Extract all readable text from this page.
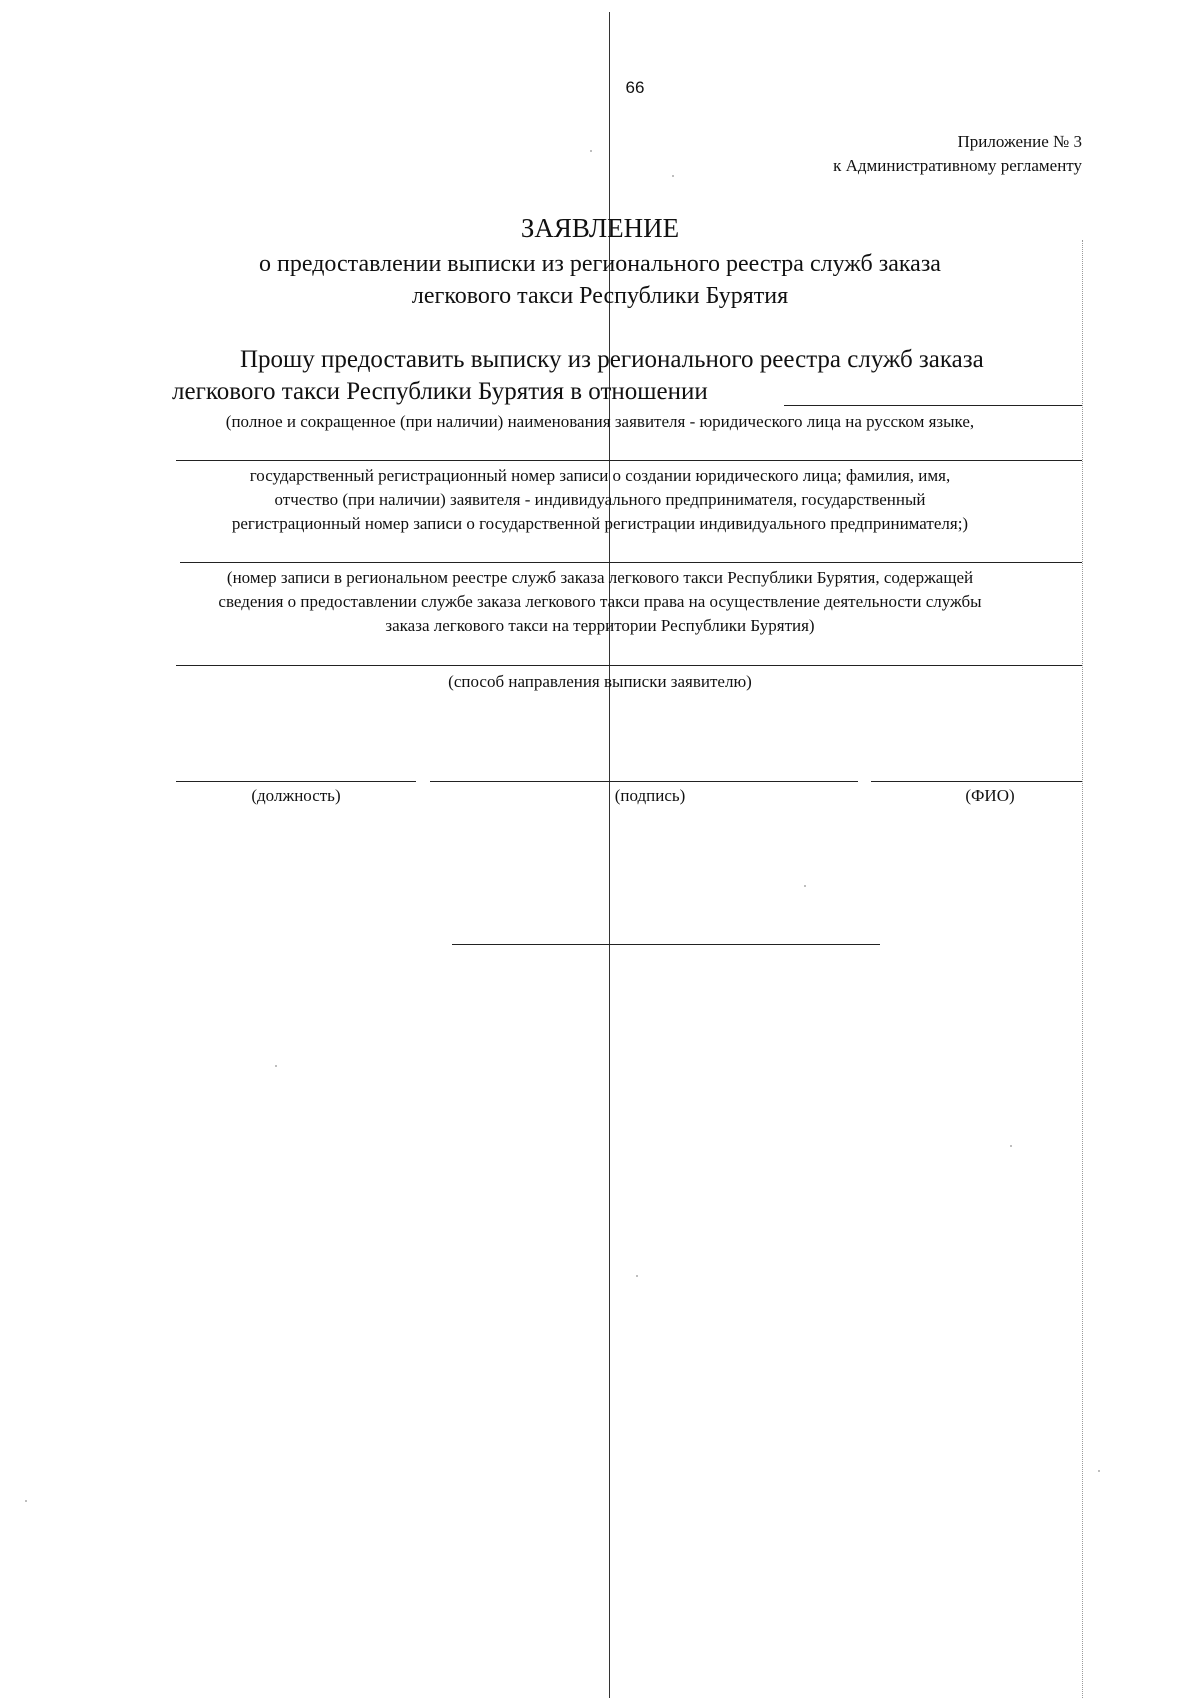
66
Приложение № 3
к Административному регламенту
ЗАЯВЛЕНИЕ
о предоставлении выписки из регионального реестра служб заказа
легкового такси Республики Бурятия
Прошу предоставить выписку из регионального реестра служб заказа
легкового такси Республики Бурятия в отношении
(полное и сокращенное (при наличии) наименования заявителя - юридического лица на русском языке,
государственный регистрационный номер записи о создании юридического лица; фамилия, имя,
отчество (при наличии) заявителя - индивидуального предпринимателя, государственный
регистрационный номер записи о государственной регистрации индивидуального предпринимателя;)
(номер записи в региональном реестре служб заказа легкового такси Республики Бурятия, содержащей
сведения о предоставлении службе заказа легкового такси права на осуществление деятельности службы
заказа легкового такси на территории Республики Бурятия)
(способ направления выписки заявителю)
(должность)	(подпись)	(ФИО)
